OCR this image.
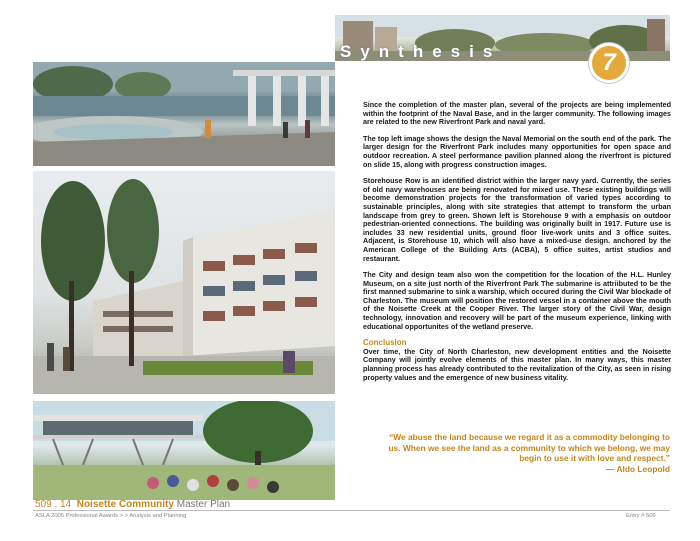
Synthesis	7

Since the completion of the master plan, several of the projects are being implemented within the footprint of the Naval Base, and in the larger community. The following images are related to the new Riverfront Park and naval yard.

The top left image shows the design the Naval Memorial on the south end of the park. The larger design for the Riverfront Park includes many opportunities for open space and outdoor recreation. A steel performance pavilion planned along the riverfront is pictured on slide 15, along with progress construction images.

Storehouse Row is an identified district within the larger navy yard. Currently, the series of old navy warehouses are being renovated for mixed use. These existing buildings will become demonstration projects for the transformation of varied types according to sustainable principles, along with site strategies that attempt to transform the urban landscape from grey to green. Shown left is Storehouse 9 with a emphasis on outdoor pedestrian-oriented connections. The building was originally built in 1917. Future use is includes 33 new residential units, ground floor live-work units and 3 office suites. Adjacent, is Storehouse 10, which will also have a mixed-use design. anchored by the American College of the Building Arts (ACBA), 5 office suites, artist studios and restaurant.

The City and design team also won the competition for the location of the H.L. Hunley Museum, on a site just north of the Riverfront Park The submarine is attriibuted to be the first manned submarine to sink a warship, which occured during the Civil War blockade of Charleston. The museum will position the restored vessel in a container above the mouth of the Noisette Creek at the Cooper River. The larger story of the Civil War, design technology, innovation and recovery will be part of the museum experience, linking with educational opportunites of the wetland preserve.

Conclusion

Over time, the City of North Charleston, new development entities and the Noisette Company will jointly evolve elements of this master plan. In many ways, this master planning process has already contributed to the revitalization of the City, as seen in rising property values and the emergence of new business vitality.

“We abuse the land because we regard it as a commodity belonging to us. When we see the land as a community to which we belong, we may begin to use it with love and respect.”
— Aldo Leopold
509 . 14 Noisette Community Master Plan
ASLA 2005 Professional Awards > > Analysis and Planning	Entry # 509
